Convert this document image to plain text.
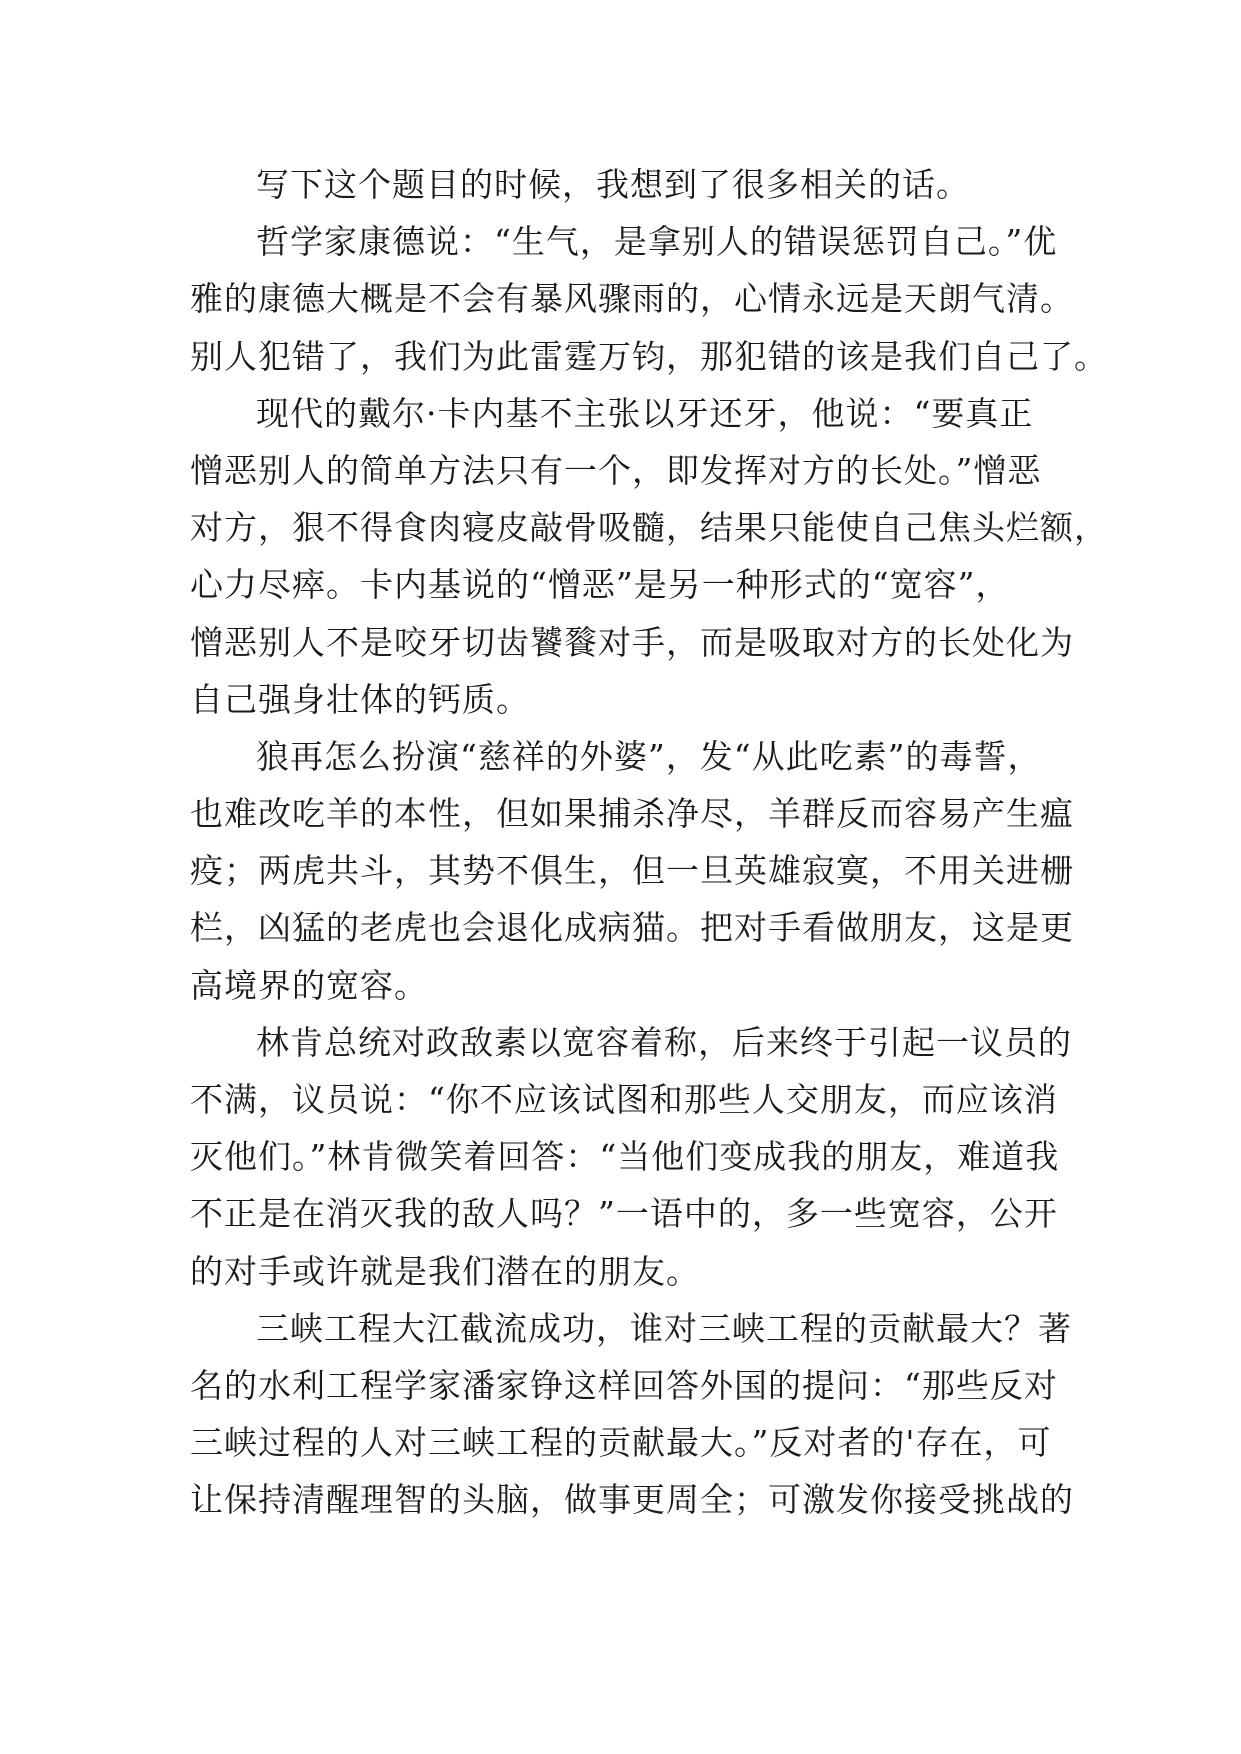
写下这个题目的时候，我想到了很多相关的话。
哲学家康德说：“生气，是拿别人的错误惩罚自己。”优
雅的康德大概是不会有暴风骤雨的，心情永远是天朗气清。
别人犯错了，我们为此雷霆万钧，那犯错的该是我们自己了。
现代的戴尔·卡内基不主张以牙还牙，他说：“要真正
憎恶别人的简单方法只有一个，即发挥对方的长处。”憎恶
对方，狠不得食肉寝皮敲骨吸髓，结果只能使自己焦头烂额，
心力尽瘁。卡内基说的“憎恶”是另一种形式的“宽容”，
憎恶别人不是咬牙切齿饕餮对手，而是吸取对方的长处化为
自己强身壮体的钙质。
狼再怎么扮演“慈祥的外婆”，发“从此吃素”的毒誓，
也难改吃羊的本性，但如果捕杀净尽，羊群反而容易产生瘟
疫；两虎共斗，其势不俱生，但一旦英雄寂寞，不用关进栅
栏，凶猛的老虎也会退化成病猫。把对手看做朋友，这是更
高境界的宽容。
林肯总统对政敌素以宽容着称，后来终于引起一议员的
不满，议员说：“你不应该试图和那些人交朋友，而应该消
灭他们。”林肯微笑着回答：“当他们变成我的朋友，难道我
不正是在消灭我的敌人吗？”一语中的，多一些宽容，公开
的对手或许就是我们潜在的朋友。
三峡工程大江截流成功，谁对三峡工程的贡献最大？著
名的水利工程学家潘家铮这样回答外国的提问：“那些反对
三峡过程的人对三峡工程的贡献最大。”反对者的'存在，可
让保持清醒理智的头脑，做事更周全；可激发你接受挑战的
